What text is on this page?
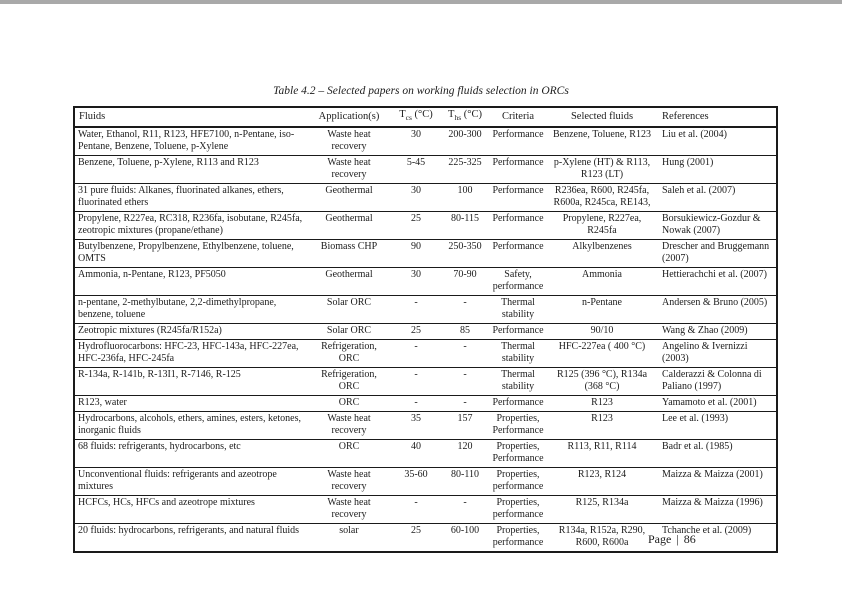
Table 4.2 – Selected papers on working fluids selection in ORCs
Fluids	Application(s)	$T_{cs}$ (°C)	$T_{hs}$ (°C)	Criteria	Selected fluids	References
Water, Ethanol, R11, R123, HFE7100, n-Pentane, iso-Pentane, Benzene, Toluene, p-Xylene	Waste heat recovery	30	200-300	Performance	Benzene, Toluene, R123	Liu et al. (2004)
Benzene, Toluene, p-Xylene, R113 and R123	Waste heat recovery	5-45	225-325	Performance	p-Xylene (HT) & R113, R123 (LT)	Hung (2001)
31 pure fluids: Alkanes, fluorinated alkanes, ethers, fluorinated ethers	Geothermal	30	100	Performance	R236ea, R600, R245fa, R600a, R245ca, RE143,	Saleh et al. (2007)
Propylene, R227ea, RC318, R236fa, isobutane, R245fa, zeotropic mixtures (propane/ethane)	Geothermal	25	80-115	Performance	Propylene, R227ea, R245fa	Borsukiewicz-Gozdur & Nowak (2007)
Butylbenzene, Propylbenzene, Ethylbenzene, toluene, OMTS	Biomass CHP	90	250-350	Performance	Alkylbenzenes	Drescher and Bruggemann (2007)
Ammonia, n-Pentane, R123, PF5050	Geothermal	30	70-90	Safety, performance	Ammonia	Hettierachchi et al. (2007)
n-pentane, 2-methylbutane, 2,2-dimethylpropane, benzene, toluene	Solar ORC	-	-	Thermal stability	n-Pentane	Andersen & Bruno (2005)
Zeotropic mixtures (R245fa/R152a)	Solar ORC	25	85	Performance	90/10	Wang & Zhao (2009)
Hydrofluorocarbons: HFC-23, HFC-143a, HFC-227ea, HFC-236fa, HFC-245fa	Refrigeration, ORC	-	-	Thermal stability	HFC-227ea ( 400 °C)	Angelino & Ivernizzi (2003)
R-134a, R-141b, R-13I1, R-7146, R-125	Refrigeration, ORC	-	-	Thermal stability	R125 (396 °C), R134a (368 °C)	Calderazzi & Colonna di Paliano (1997)
R123, water	ORC	-	-	Performance	R123	Yamamoto et al. (2001)
Hydrocarbons, alcohols, ethers, amines, esters, ketones, inorganic fluids	Waste heat recovery	35	157	Properties, Performance	R123	Lee et al. (1993)
68 fluids: refrigerants, hydrocarbons, etc	ORC	40	120	Properties, Performance	R113, R11, R114	Badr et al. (1985)
Unconventional fluids: refrigerants and azeotrope mixtures	Waste heat recovery	35-60	80-110	Properties, performance	R123, R124	Maizza & Maizza (2001)
HCFCs, HCs, HFCs and azeotrope mixtures	Waste heat recovery	-	-	Properties, performance	R125, R134a	Maizza & Maizza (1996)
20 fluids: hydrocarbons, refrigerants, and natural fluids	solar	25	60-100	Properties, performance	R134a, R152a, R290, R600, R600a	Tchanche et al. (2009)
Page | 86
